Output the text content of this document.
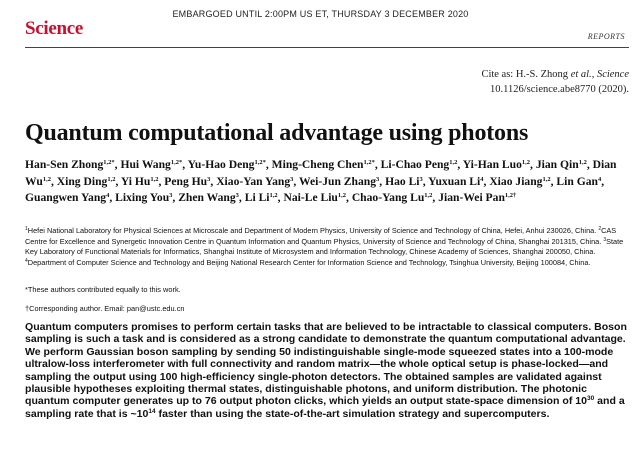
EMBARGOED UNTIL 2:00PM US ET, THURSDAY 3 DECEMBER 2020
Science	REPORTS
Cite as: H.-S. Zhong et al., Science
10.1126/science.abe8770 (2020).
Quantum computational advantage using photons
Han-Sen Zhong$^{1,2*}$, Hui Wang$^{1,2*}$, Yu-Hao Deng$^{1,2*}$, Ming-Cheng Chen$^{1,2*}$, Li-Chao Peng$^{1,2}$, Yi-Han Luo$^{1,2}$, Jian Qin$^{1,2}$, Dian Wu$^{1,2}$, Xing Ding$^{1,2}$, Yi Hu$^{1,2}$, Peng Hu$^3$, Xiao-Yan Yang$^3$, Wei-Jun Zhang$^3$, Hao Li$^3$, Yuxuan Li$^4$, Xiao Jiang$^{1,2}$, Lin Gan$^4$, Guangwen Yang$^4$, Lixing You$^3$, Zhen Wang$^3$, Li Li$^{1,2}$, Nai-Le Liu$^{1,2}$, Chao-Yang Lu$^{1,2}$, Jian-Wei Pan$^{1,2\dagger}$
$^1$Hefei National Laboratory for Physical Sciences at Microscale and Department of Modern Physics, University of Science and Technology of China, Hefei, Anhui 230026, China. $^2$CAS Centre for Excellence and Synergetic Innovation Centre in Quantum Information and Quantum Physics, University of Science and Technology of China, Shanghai 201315, China. $^3$State Key Laboratory of Functional Materials for Informatics, Shanghai Institute of Microsystem and Information Technology, Chinese Academy of Sciences, Shanghai 200050, China. $^4$Department of Computer Science and Technology and Beijing National Research Center for Information Science and Technology, Tsinghua University, Beijing 100084, China.
*These authors contributed equally to this work.
†Corresponding author. Email: pan@ustc.edu.cn
Quantum computers promises to perform certain tasks that are believed to be intractable to classical computers. Boson sampling is such a task and is considered as a strong candidate to demonstrate the quantum computational advantage. We perform Gaussian boson sampling by sending 50 indistinguishable single-mode squeezed states into a 100-mode ultralow-loss interferometer with full connectivity and random matrix—the whole optical setup is phase-locked—and sampling the output using 100 high-efficiency single-photon detectors. The obtained samples are validated against plausible hypotheses exploiting thermal states, distinguishable photons, and uniform distribution. The photonic quantum computer generates up to 76 output photon clicks, which yields an output state-space dimension of $10^{30}$ and a sampling rate that is $\sim 10^{14}$ faster than using the state-of-the-art simulation strategy and supercomputers.
